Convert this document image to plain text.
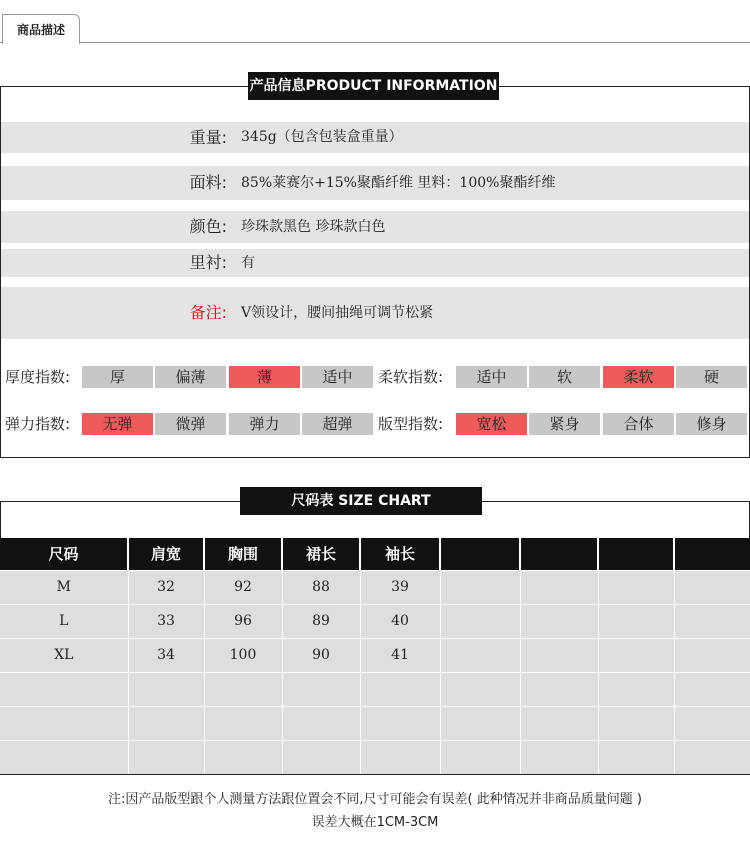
商品描述
产品信息PRODUCT INFORMATION
重量: 345g（包含包装盒重量）
面料: 85%莱赛尔+15%聚酯纤维 里料：100%聚酯纤维
颜色: 珍珠款黑色 珍珠款白色
里衬: 有
备注: V领设计，腰间抽绳可调节松紧
厚度指数:	厚	偏薄	薄	适中	柔软指数:	适中	软	柔软	硬
弹力指数:	无弹	微弹	弹力	超弹	版型指数:	宽松	紧身	合体	修身
尺码表 SIZE CHART
尺码	肩宽	胸围	裙长	袖长				
M	32	92	88	39				
L	33	96	89	40				
XL	34	100	90	41				

注:因产品版型跟个人测量方法跟位置会不同,尺寸可能会有误差( 此种情况并非商品质量问题 )
误差大概在1CM-3CM
